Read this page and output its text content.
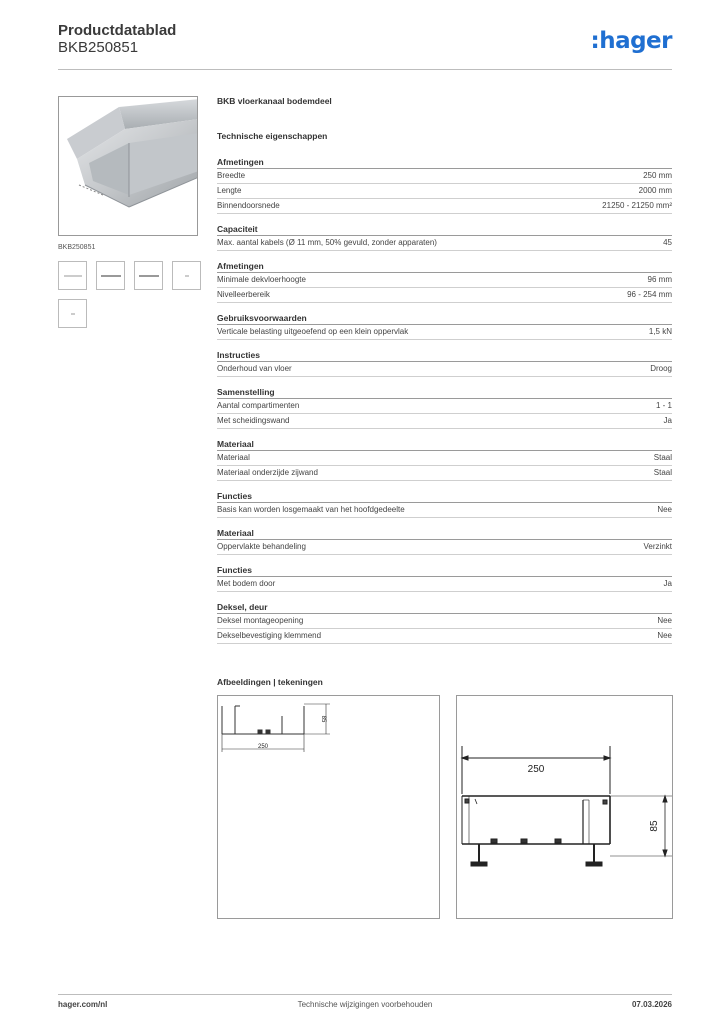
Productdatablad
BKB250851	:hager
BKB250851
BKB vloerkanaal bodemdeel
Technische eigenschappen
Afmetingen
Breedte	250 mm
Lengte	2000 mm
Binnendoorsnede	21250 - 21250 mm²
Capaciteit
Max. aantal kabels (Ø 11 mm, 50% gevuld, zonder apparaten)	45
Afmetingen
Minimale dekvloerhoogte	96 mm
Nivelleerbereik	96 - 254 mm
Gebruiksvoorwaarden
Verticale belasting uitgeoefend op een klein oppervlak	1,5 kN
Instructies
Onderhoud van vloer	Droog
Samenstelling
Aantal compartimenten	1 - 1
Met scheidingswand	Ja
Materiaal
Materiaal	Staal
Materiaal onderzijde zijwand	Staal
Functies
Basis kan worden losgemaakt van het hoofdgedeelte	Nee
Materiaal
Oppervlakte behandeling	Verzinkt
Functies
Met bodem door	Ja
Deksel, deur
Deksel montageopening	Nee
Dekselbevestiging klemmend	Nee
Afbeeldingen | tekeningen
250
85
250
85
hager.com/nl	Technische wijzigingen voorbehouden	07.03.2026
